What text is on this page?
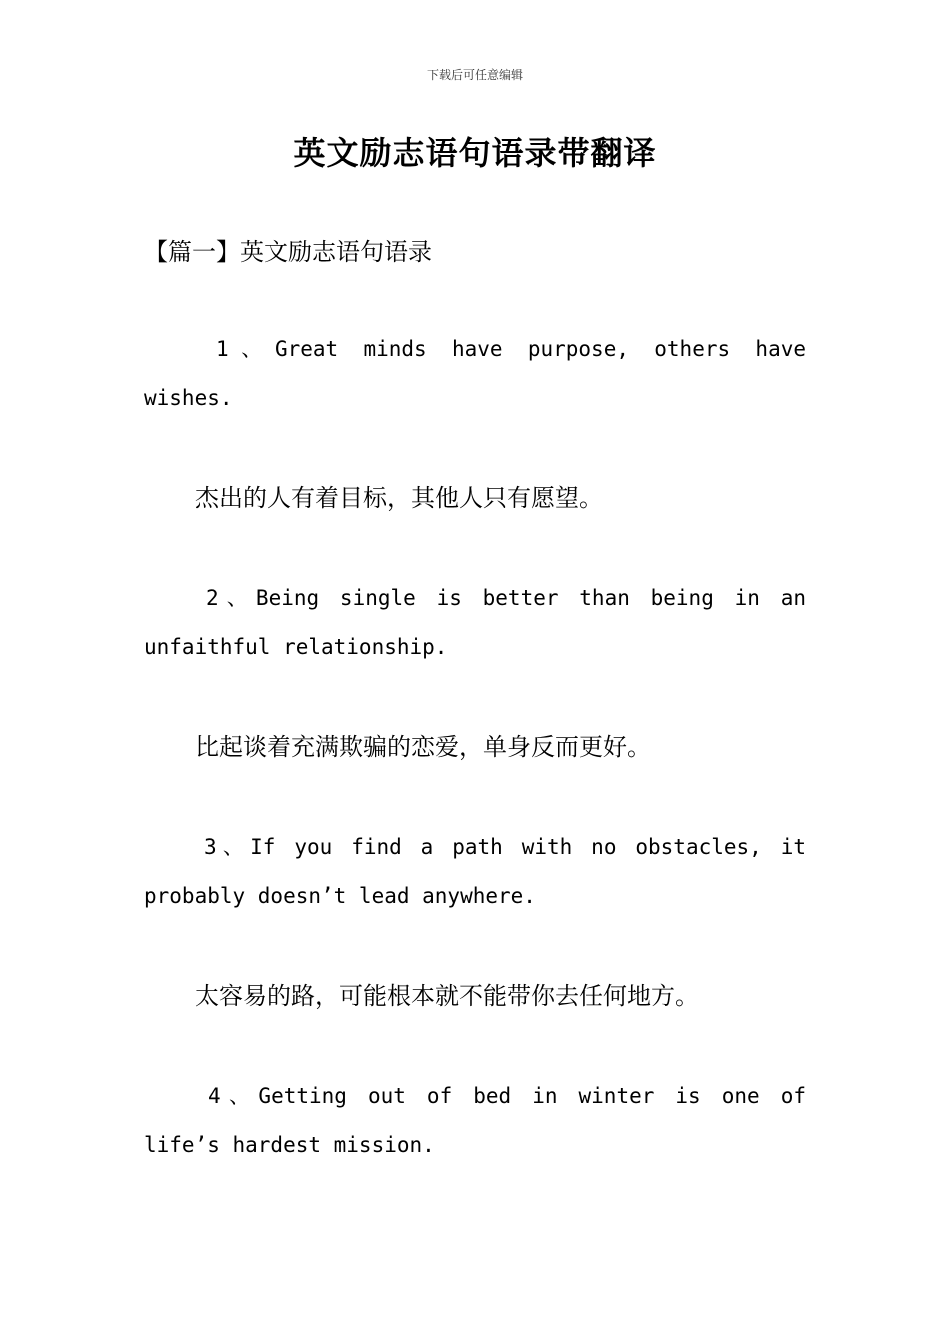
下载后可任意编辑
英文励志语句语录带翻译
【篇一】英文励志语句语录
1、Great minds have purpose, others have
wishes.
杰出的人有着目标，其他人只有愿望。
2、Being single is better than being in an
unfaithful relationship.
比起谈着充满欺骗的恋爱，单身反而更好。
3、If you find a path with no obstacles, it
probably doesn’t lead anywhere.
太容易的路，可能根本就不能带你去任何地方。
4、Getting out of bed in winter is one of
life’s hardest mission.
